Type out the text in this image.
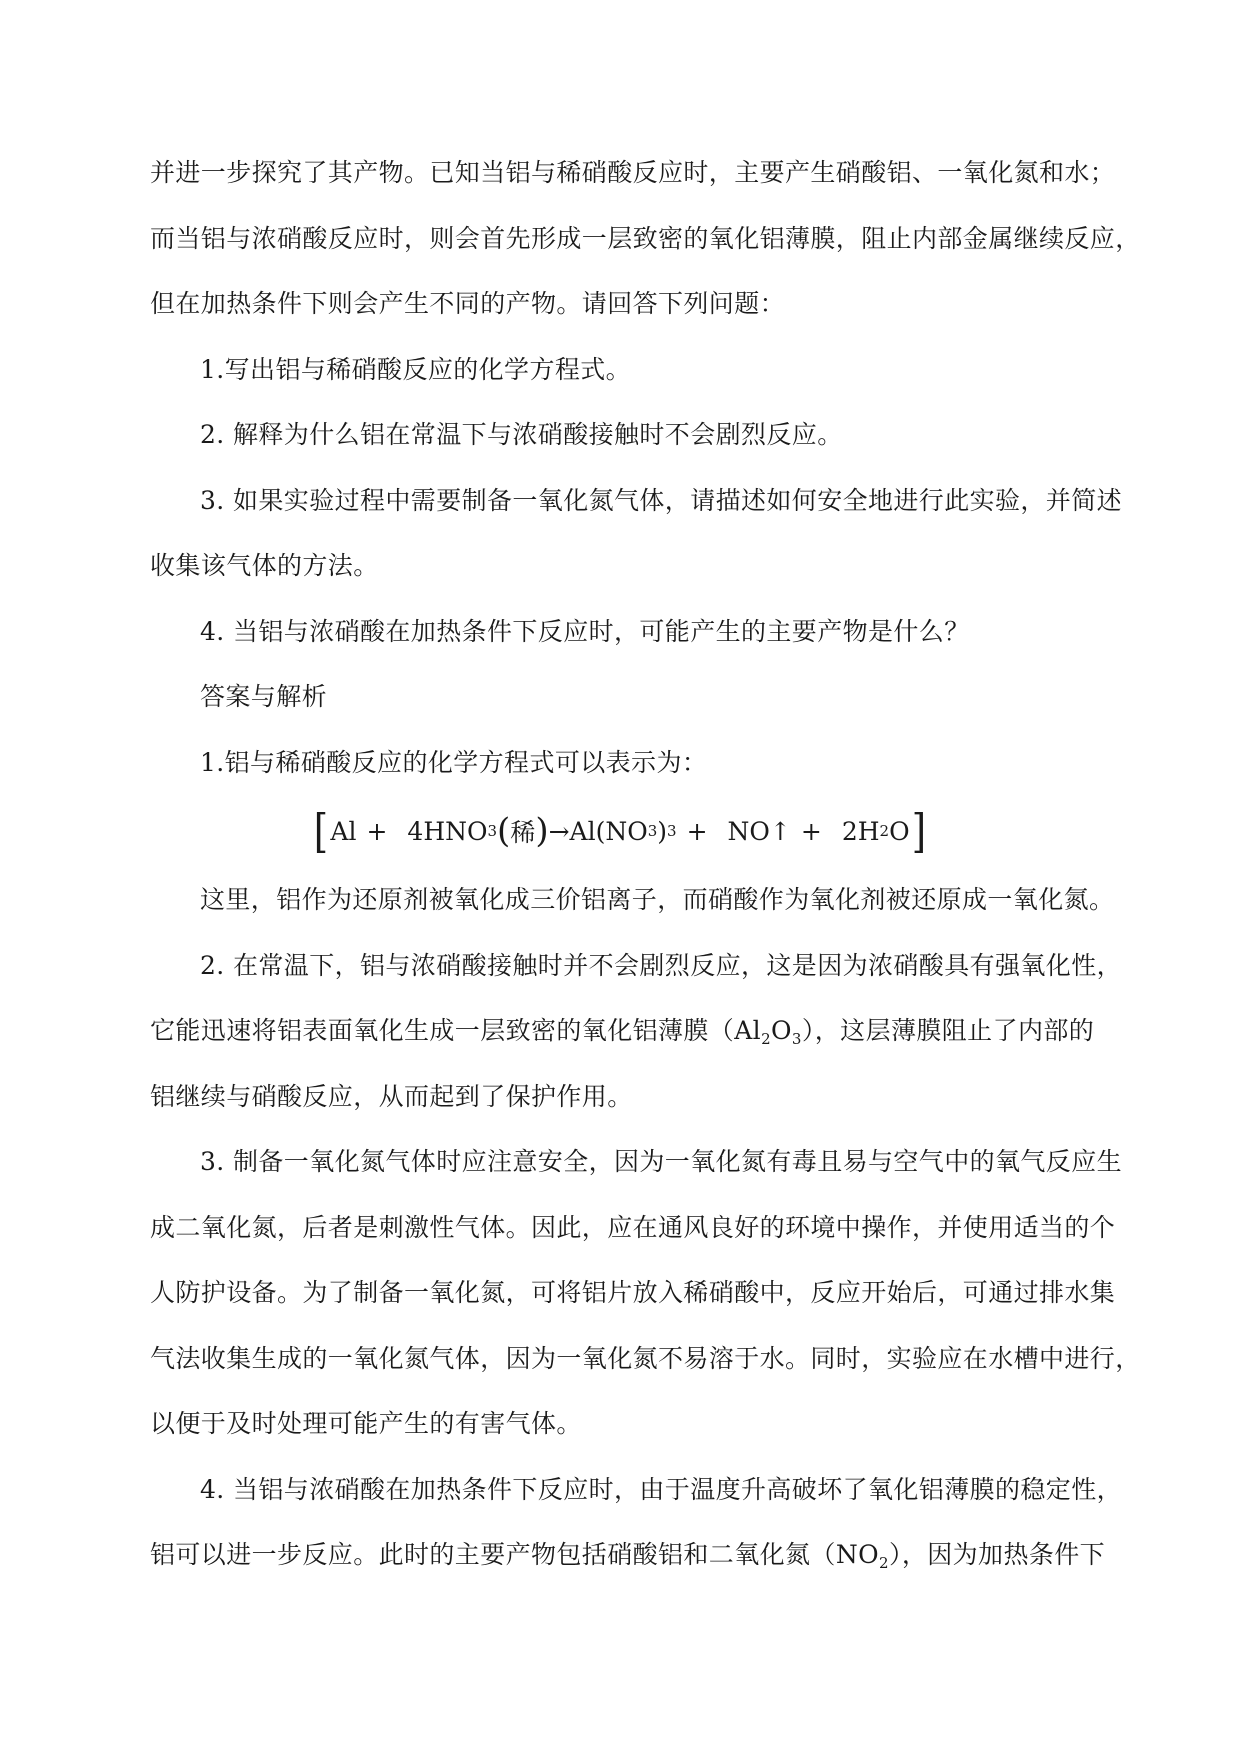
并进一步探究了其产物。已知当铝与稀硝酸反应时，主要产生硝酸铝、一氧化氮和水；
而当铝与浓硝酸反应时，则会首先形成一层致密的氧化铝薄膜，阻止内部金属继续反应，
但在加热条件下则会产生不同的产物。请回答下列问题：
1.写出铝与稀硝酸反应的化学方程式。
2. 解释为什么铝在常温下与浓硝酸接触时不会剧烈反应。
3. 如果实验过程中需要制备一氧化氮气体，请描述如何安全地进行此实验，并简述
收集该气体的方法。
4. 当铝与浓硝酸在加热条件下反应时，可能产生的主要产物是什么？
答案与解析
1.铝与稀硝酸反应的化学方程式可以表示为：
[ Al + 4HNO 3 ( 稀 ) → Al(NO 3 ) 3 + NO↑ + 2H 2 O ]
这里，铝作为还原剂被氧化成三价铝离子，而硝酸作为氧化剂被还原成一氧化氮。
2. 在常温下，铝与浓硝酸接触时并不会剧烈反应，这是因为浓硝酸具有强氧化性，
它能迅速将铝表面氧化生成一层致密的氧化铝薄膜$(Al_2O_3)$，这层薄膜阻止了内部的
铝继续与硝酸反应，从而起到了保护作用。
3. 制备一氧化氮气体时应注意安全，因为一氧化氮有毒且易与空气中的氧气反应生
成二氧化氮，后者是刺激性气体。因此，应在通风良好的环境中操作，并使用适当的个
人防护设备。为了制备一氧化氮，可将铝片放入稀硝酸中，反应开始后，可通过排水集
气法收集生成的一氧化氮气体，因为一氧化氮不易溶于水。同时，实验应在水槽中进行，
以便于及时处理可能产生的有害气体。
4. 当铝与浓硝酸在加热条件下反应时，由于温度升高破坏了氧化铝薄膜的稳定性，
铝可以进一步反应。此时的主要产物包括硝酸铝和二氧化氮$(NO_2)$，因为加热条件下
